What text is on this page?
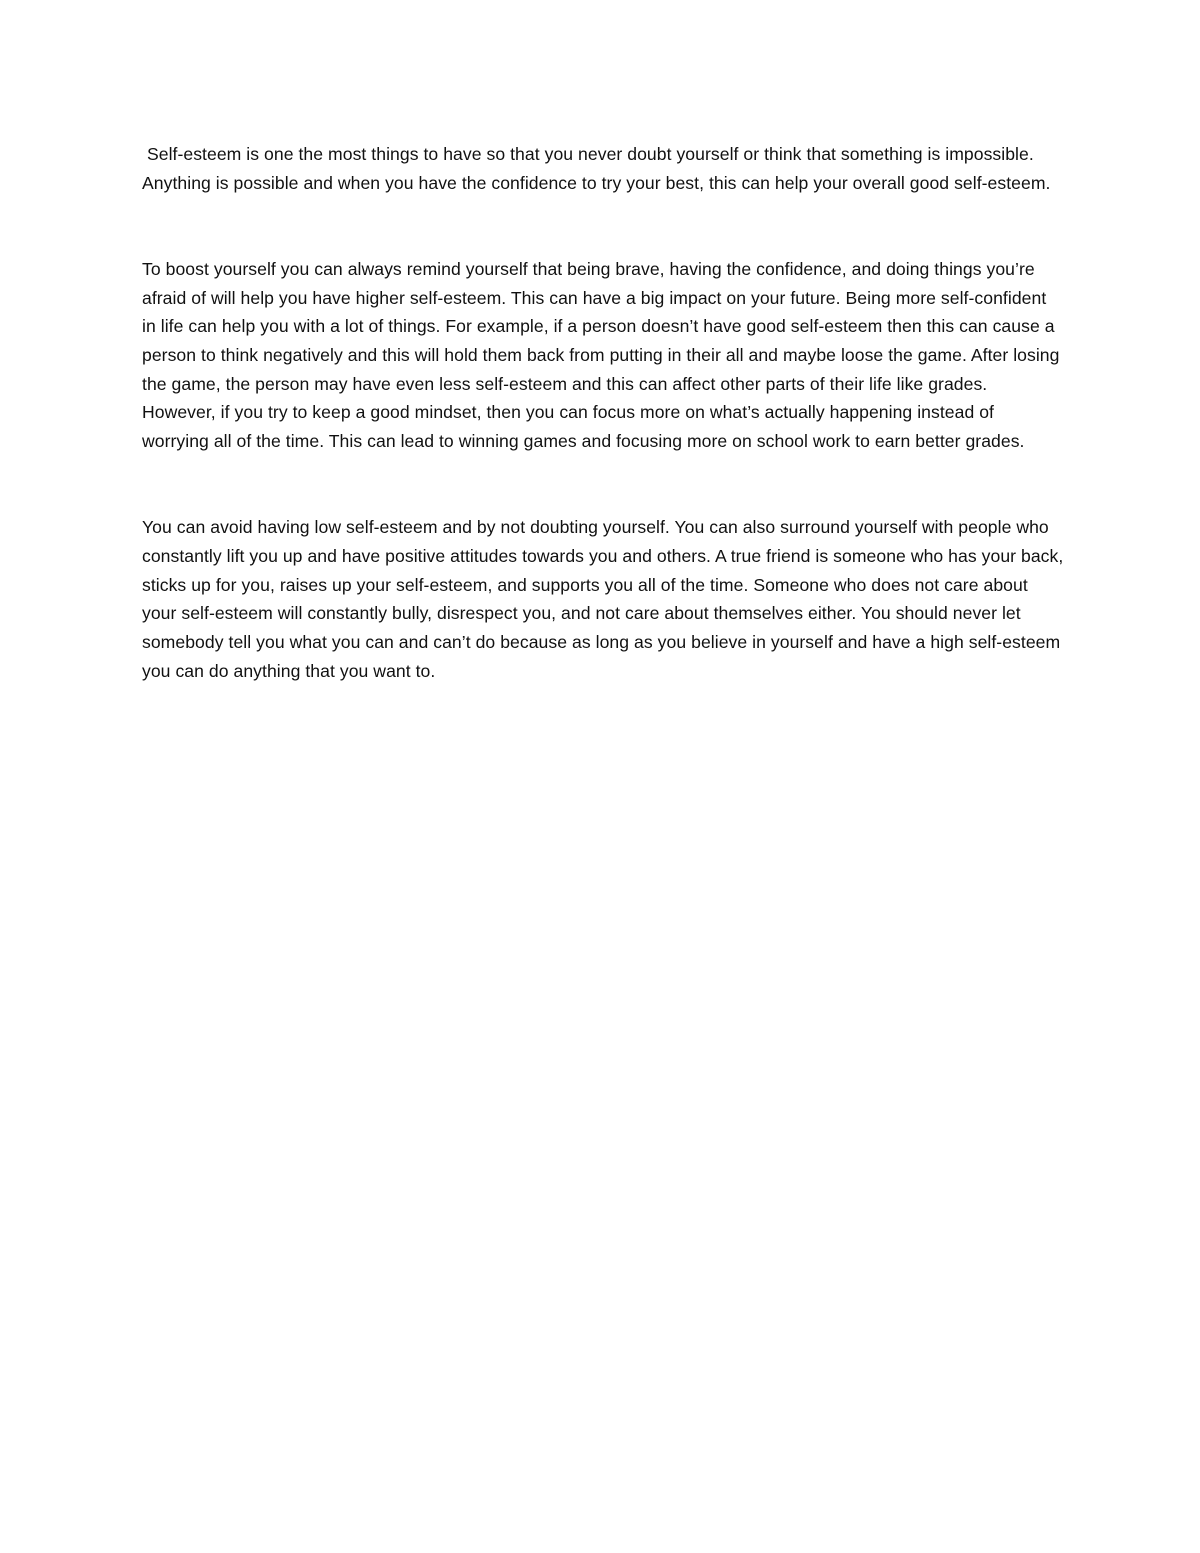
Self-esteem is one the most things to have so that you never doubt yourself or think that something is impossible. Anything is possible and when you have the confidence to try your best, this can help your overall good self-esteem.

To boost yourself you can always remind yourself that being brave, having the confidence, and doing things you’re afraid of will help you have higher self-esteem. This can have a big impact on your future. Being more self-confident in life can help you with a lot of things. For example, if a person doesn’t have good self-esteem then this can cause a person to think negatively and this will hold them back from putting in their all and maybe loose the game. After losing the game, the person may have even less self-esteem and this can affect other parts of their life like grades. However, if you try to keep a good mindset, then you can focus more on what’s actually happening instead of worrying all of the time. This can lead to winning games and focusing more on school work to earn better grades.

You can avoid having low self-esteem and by not doubting yourself. You can also surround yourself with people who constantly lift you up and have positive attitudes towards you and others. A true friend is someone who has your back, sticks up for you, raises up your self-esteem, and supports you all of the time. Someone who does not care about your self-esteem will constantly bully, disrespect you, and not care about themselves either. You should never let somebody tell you what you can and can’t do because as long as you believe in yourself and have a high self-esteem you can do anything that you want to.
